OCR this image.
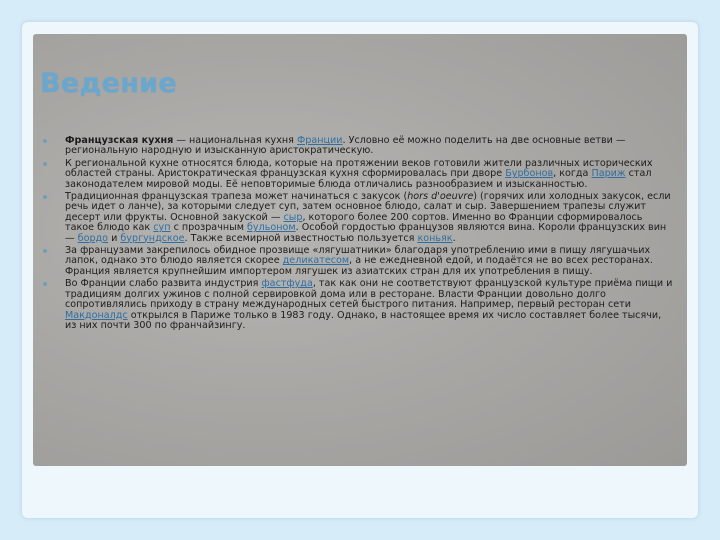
Ведение
Французская кухня — национальная кухня Франции. Условно её можно поделить на две основные ветви — региональную народную и изысканную аристократическую.
К региональной кухне относятся блюда, которые на протяжении веков готовили жители различных исторических областей страны. Аристократическая французская кухня сформировалась при дворе Бурбонов, когда Париж стал законодателем мировой моды. Её неповторимые блюда отличались разнообразием и изысканностью.
Традиционная французская трапеза может начинаться с закусок (hors d'oeuvre) (горячих или холодных закусок, если речь идет о ланче), за которыми следует суп, затем основное блюдо, салат и сыр. Завершением трапезы служит десерт или фрукты. Основной закуской — сыр, которого более 200 сортов. Именно во Франции сформировалось такое блюдо как суп с прозрачным бульоном. Особой гордостью французов являются вина. Короли французских вин — бордо и бургундское. Также всемирной известностью пользуется коньяк.
За французами закрепилось обидное прозвище «лягушатники» благодаря употреблению ими в пищу лягушачьих лапок, однако это блюдо является скорее деликатесом, а не ежедневной едой, и подаётся не во всех ресторанах. Франция является крупнейшим импортером лягушек из азиатских стран для их употребления в пищу.
Во Франции слабо развита индустрия фастфуда, так как они не соответствуют французской культуре приёма пищи и традициям долгих ужинов с полной сервировкой дома или в ресторане. Власти Франции довольно долго сопротивлялись приходу в страну международных сетей быстрого питания. Например, первый ресторан сети Макдоналдс открылся в Париже только в 1983 году. Однако, в настоящее время их число составляет более тысячи, из них почти 300 по франчайзингу.
